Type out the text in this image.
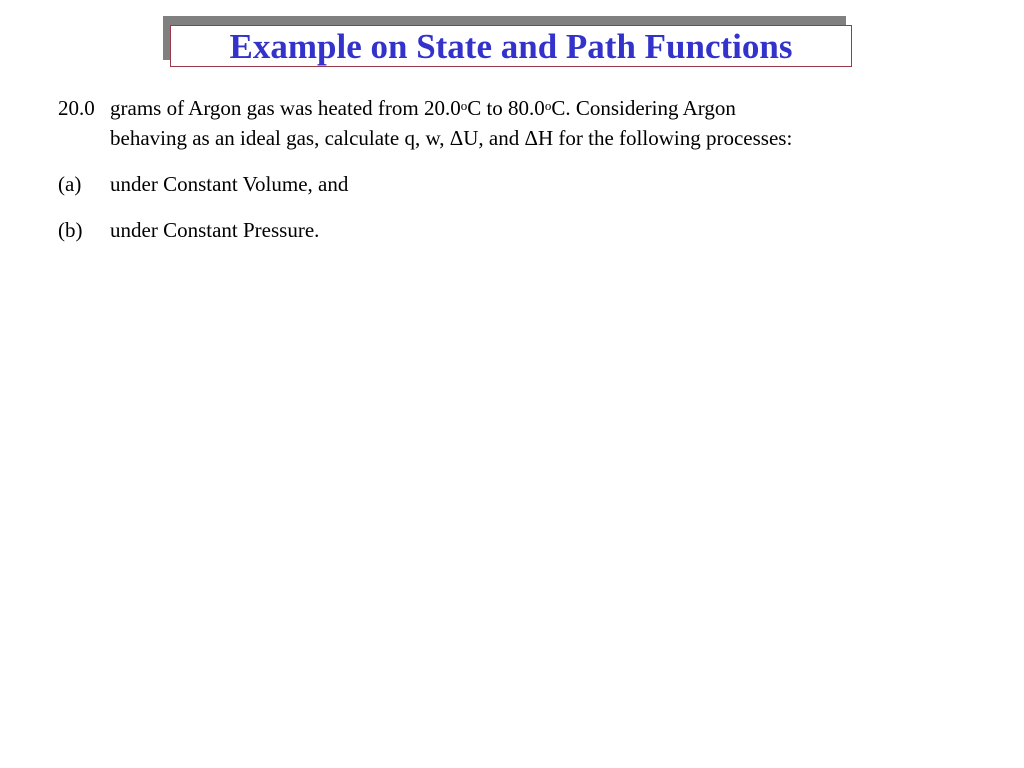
Example on State and Path Functions
20.0 grams of Argon gas was heated from 20.0$^o$C to 80.0$^o$C. Considering Argon
behaving as an ideal gas, calculate q, w, ΔU, and ΔH for the following processes:
(a) under Constant Volume, and
(b) under Constant Pressure.
